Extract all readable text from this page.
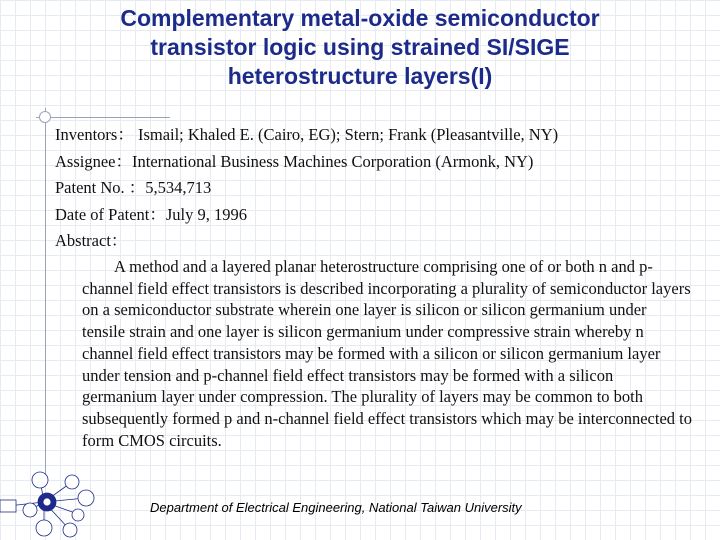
Complementary metal-oxide semiconductor
transistor logic using strained SI/SIGE
heterostructure layers(I)
Inventors： Ismail; Khaled E. (Cairo, EG); Stern; Frank (Pleasantville, NY)
Assignee：International Business Machines Corporation (Armonk, NY)
Patent No. ：5,534,713
Date of Patent：July 9, 1996
Abstract：
A method and a layered planar heterostructure comprising one of or both n and p-channel field effect transistors is described incorporating a plurality of semiconductor layers on a semiconductor substrate wherein one layer is silicon or silicon germanium under tensile strain and one layer is silicon germanium under compressive strain whereby n channel field effect transistors may be formed with a silicon or silicon germanium layer under tension and p-channel field effect transistors may be formed with a silicon germanium layer under compression. The plurality of layers may be common to both subsequently formed p and n-channel field effect transistors which may be interconnected to form CMOS circuits.
Department of Electrical Engineering, National Taiwan University
